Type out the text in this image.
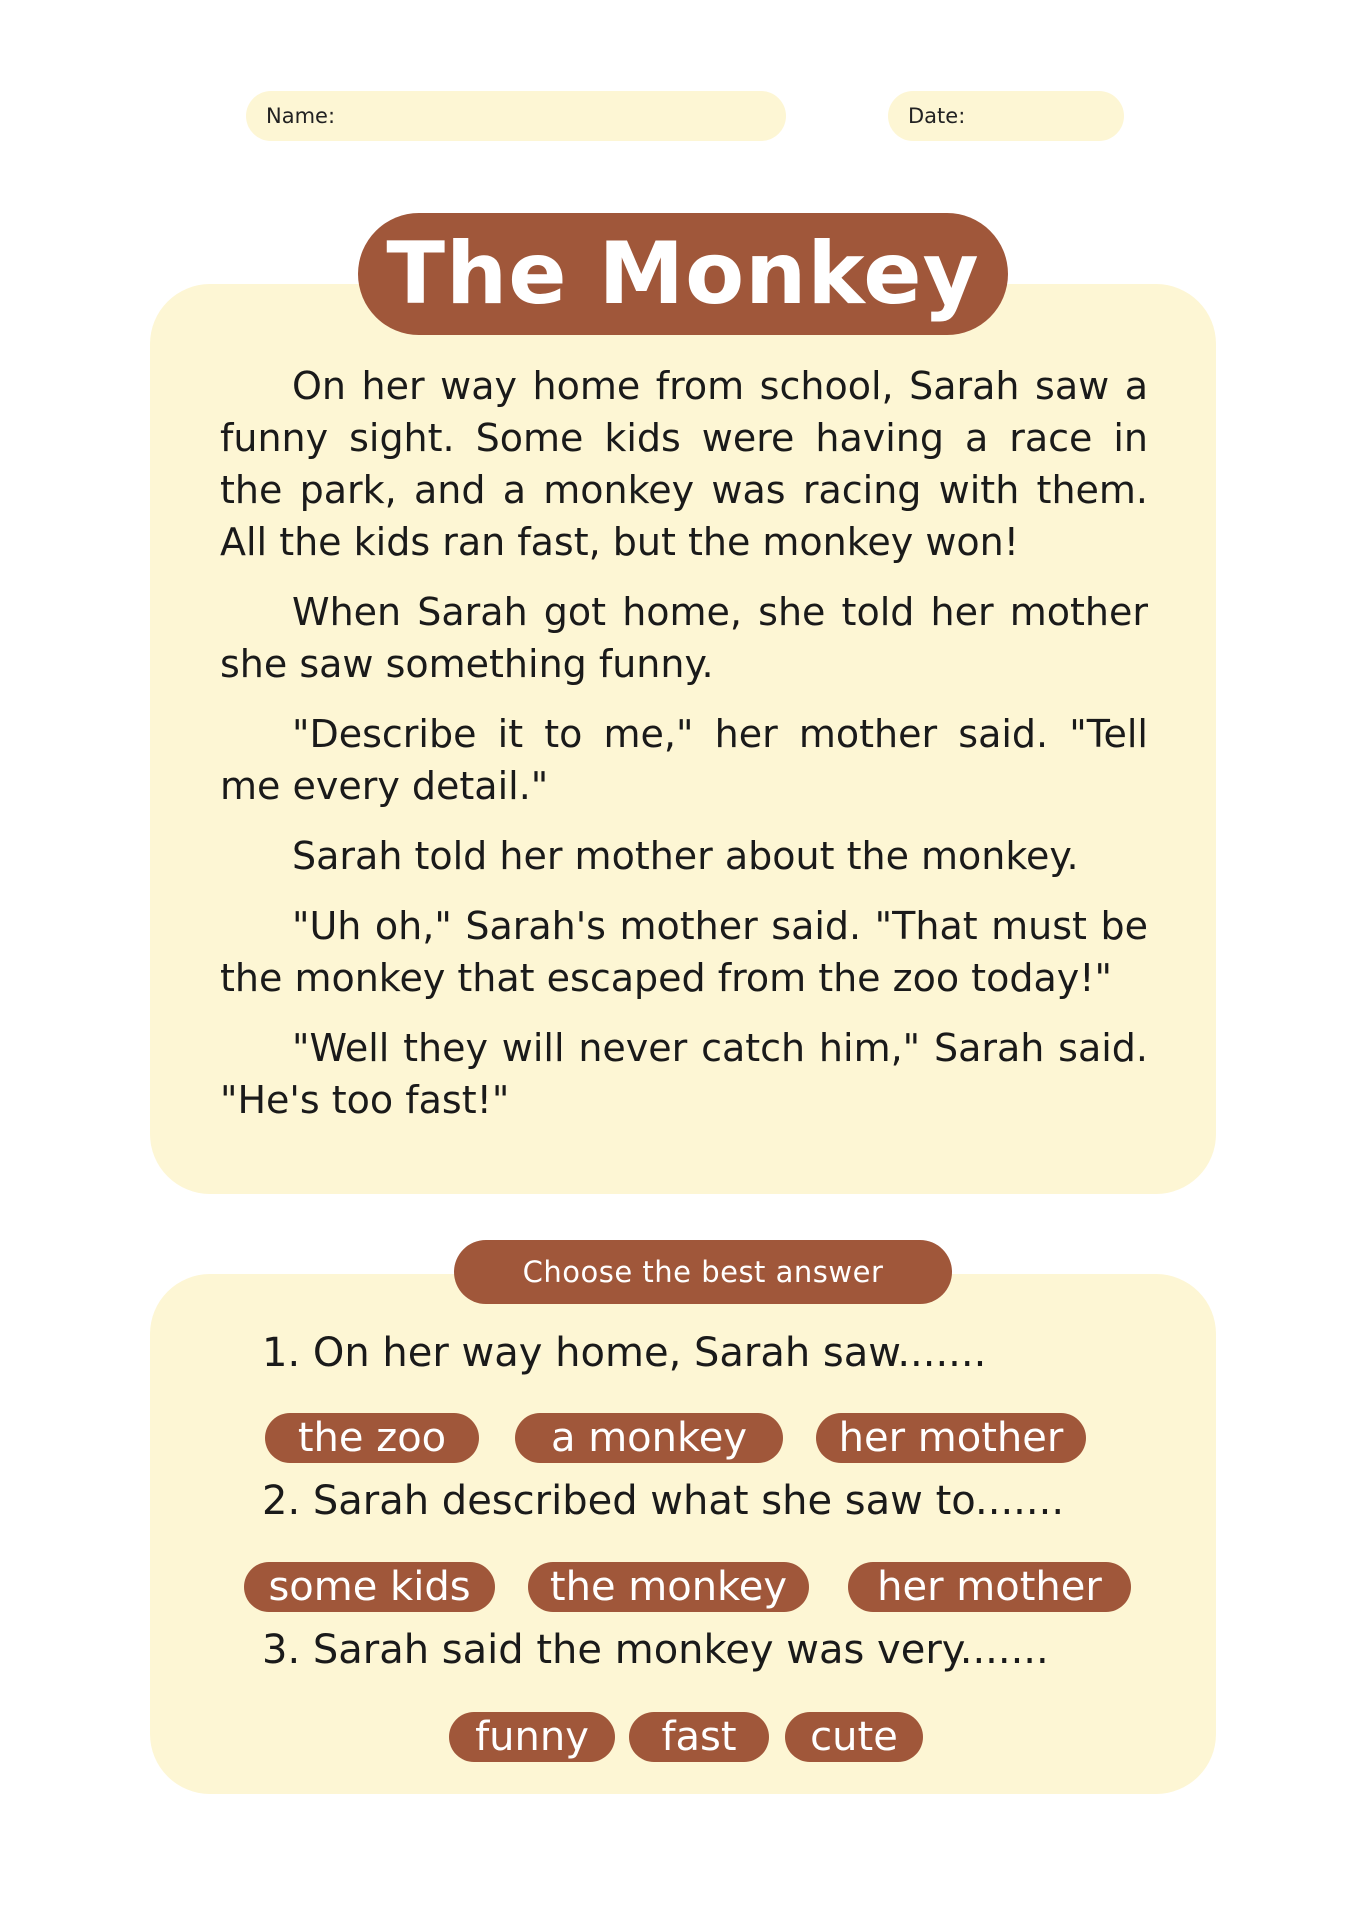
Name:	Date:
The Monkey

On her way home from school, Sarah saw a funny sight. Some kids were having a race in the park, and a monkey was racing with them. All the kids ran fast, but the monkey won!

When Sarah got home, she told her mother she saw something funny.

"Describe it to me," her mother said. "Tell me every detail."

Sarah told her mother about the monkey.

"Uh oh," Sarah's mother said. "That must be the monkey that escaped from the zoo today!"

"Well they will never catch him," Sarah said. "He's too fast!"

Choose the best answer
1. On her way home, Sarah saw.......
the zoo	a monkey	her mother
2. Sarah described what she saw to.......
some kids	the monkey	her mother
3. Sarah said the monkey was very.......
funny	fast	cute
